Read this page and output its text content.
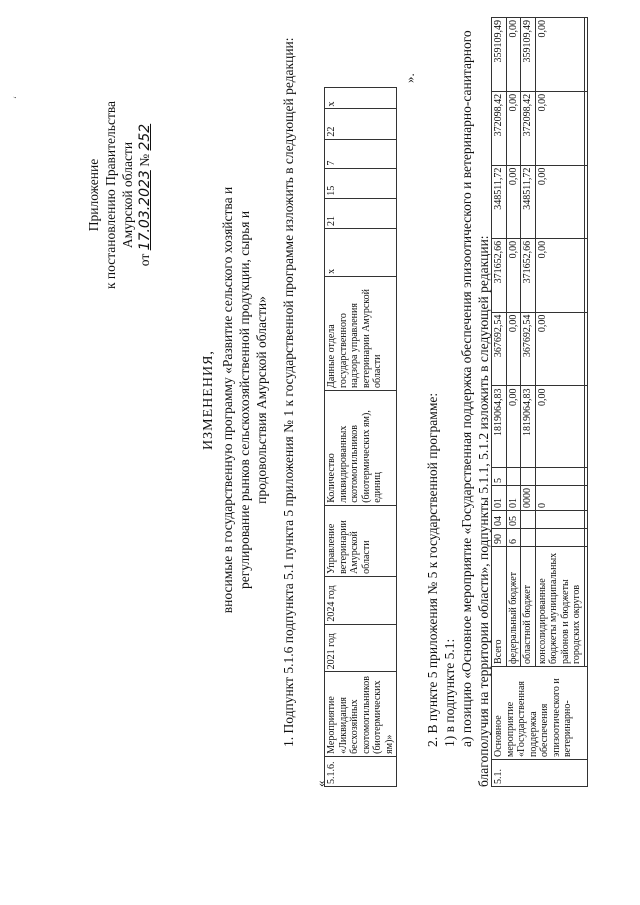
ʻ
Приложение к постановлению Правительства Амурской области
от 17.03.2023 № 252
ИЗМЕНЕНИЯ, вносимые в государственную программу «Развитие сельского хозяйства и регулирование рынков сельскохозяйственной продукции, сырья и продовольствия Амурской области» 1. Подпункт 5.1.6 подпункта 5.1 пункта 5 приложения № 1 к государственной программе изложить в следующей редакции:
«
5.1.6.	Мероприятие «Ликвидация бесхозяйных скотомогильников (биотермических ям)»	2021 год	2024 год	Управление ветеринарии Амурской области	Количество ликвидированных скотомогильников (биотермических ям), единиц	Данные отдела государственного надзора управления ветеринарии Амурской области	x	21	15	7	22	x
».
2. В пункте 5 приложения № 5 к государственной программе: 1) в подпункте 5.1: а) позицию «Основное мероприятие «Государственная поддержка обеспечения эпизоотического и ветеринарно-санитарного благополучия на территории области», подпункты 5.1.1, 5.1.2 изложить в следующей редакции: 5.1.	Основное мероприятие «Государственная поддержка обеспечения эпизоотического и ветеринарно-	Всего	90	04	01	5	1819064,83	367692,54	371652,66	348511,72	372098,42	359109,49
		федеральный бюджет	6	05	01		0,00	0,00	0,00	0,00	0,00	0,00
		областной бюджет			0000		1819064,83	367692,54	371652,66	348511,72	372098,42	359109,49
		консолидированные бюджеты муниципальных районов и бюджеты городских округов			0		0,00	0,00	0,00	0,00	0,00	0,00
